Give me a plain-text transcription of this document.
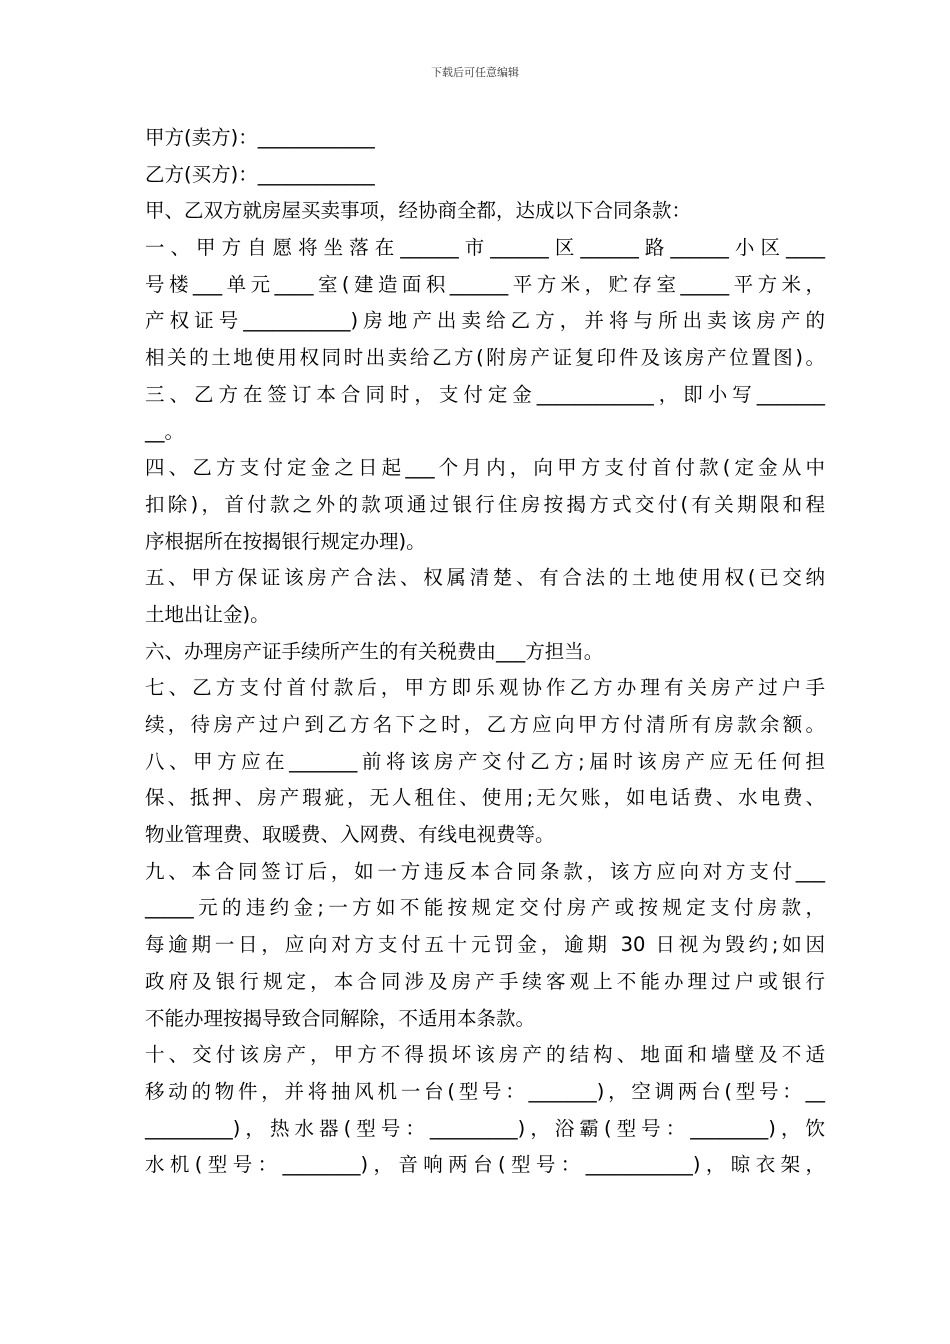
下载后可任意编辑
甲方(卖方)：____________
乙方(买方)：____________
甲、乙双方就房屋买卖事项，经协商全都，达成以下合同条款：
一、甲方自愿将坐落在______市______区______路______小区____
号楼___单元____室(建造面积______平方米，贮存室_____平方米，
产权证号___________)房地产出卖给乙方，并将与所出卖该房产的
相关的土地使用权同时出卖给乙方(附房产证复印件及该房产位置图)。
三、乙方在签订本合同时，支付定金____________，即小写_______
__。
四、乙方支付定金之日起___个月内，向甲方支付首付款(定金从中
扣除)，首付款之外的款项通过银行住房按揭方式交付(有关期限和程
序根据所在按揭银行规定办理)。
五、甲方保证该房产合法、权属清楚、有合法的土地使用权(已交纳
土地出让金)。
六、办理房产证手续所产生的有关税费由___方担当。
七、乙方支付首付款后，甲方即乐观协作乙方办理有关房产过户手
续，待房产过户到乙方名下之时，乙方应向甲方付清所有房款余额。
八、甲方应在_______前将该房产交付乙方;届时该房产应无任何担
保、抵押、房产瑕疵，无人租住、使用;无欠账，如电话费、水电费、
物业管理费、取暖费、入网费、有线电视费等。
九、本合同签订后，如一方违反本合同条款，该方应向对方支付___
_____元的违约金;一方如不能按规定交付房产或按规定支付房款，
每逾期一日，应向对方支付五十元罚金，逾期 30 日视为毁约;如因
政府及银行规定，本合同涉及房产手续客观上不能办理过户或银行
不能办理按揭导致合同解除，不适用本条款。
十、交付该房产，甲方不得损坏该房产的结构、地面和墙壁及不适
移动的物件，并将抽风机一台(型号：_______)，空调两台(型号：__
_________)，热水器(型号：_________)，浴霸(型号：________)，饮
水机(型号：________)，音响两台(型号：___________)，晾衣架，
